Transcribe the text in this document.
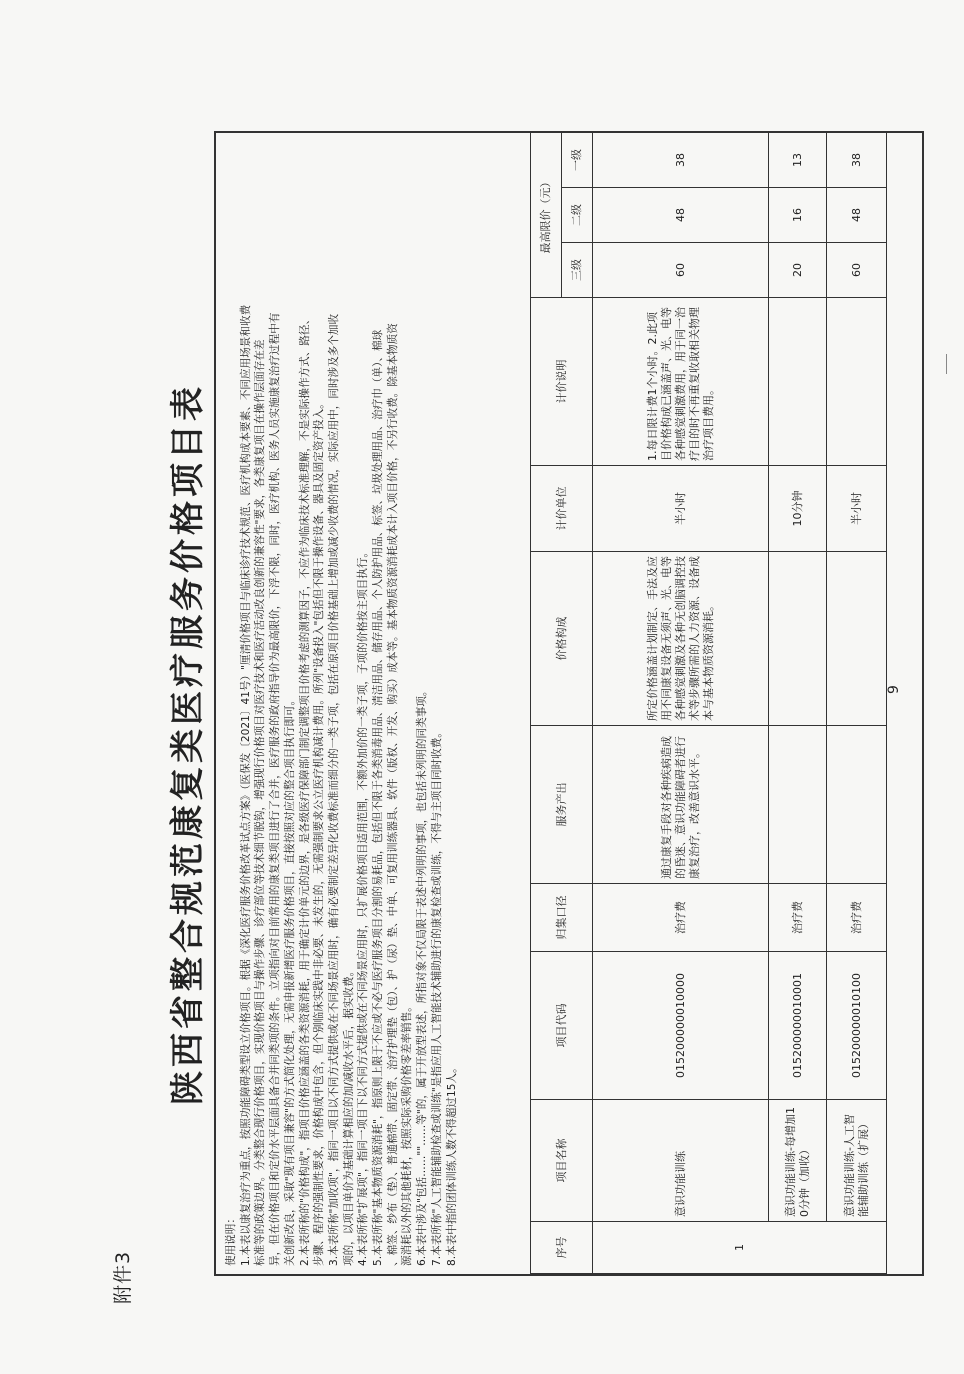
附件3
陕西省整合规范康复类医疗服务价格项目表
使用说明： 1.本表以康复治疗为重点，按照功能障碍类型设立价格项目。根据《深化医疗服务价格改革试点方案》（医保发〔2021〕41号）"厘清价格项目与临床诊疗技术规范、医疗机构成本要素、不同应用场景和收费 标准等的政策边界。分类整合现行价格项目，实现价格项目与操作步骤、诊疗部位等技术细节脱钩，增强现行价格项目对医疗技术和医疗活动改良创新的兼容性"要求，各类康复项目在操作层面存在差 异，但在价格项目和定价水平层面具备合并同类项的条件。立项指向对目前常用的康复类项目进行了合并，医疗服务的政府指导价为最高限价，下浮不限，同时，医疗机构、医务人员实施康复治疗过程中有 关创新改良，采取"现有项目兼容"的方式简化处理，无需申报新增医疗服务价格项目，直接按照对应的整合项目执行即可。 2.本表所称的"价格构成"，指项目价格应涵盖的各类资源消耗，用于确定计价单元的边界，是各级医疗保障部门制定调整项目价格考虑的测算因子，不应作为临床技术标准理解，不是实际操作方式、路径、 步骤、程序的强制性要求，价格构成中包含，但个别临床实践中非必要、未发生的，无需强制要求公立医疗机构减计费用。所列"设备投入"包括但不限于操作设备、器具及固定资产投入。 3.本表所称"加收项"，指同一项目以不同方式提供或在不同场景应用时，确有必要制定差异化收费标准而细分的一类子项，包括在原项目价格基础上增加或减少收费的情况，实际应用中，同时涉及多个加收 项的，以项目单价为基础计算相应的加/减收水平后，据实收费。 4.本表所称"扩展项"，指同一项目下以不同方式提供或在不同场景应用时，只扩展价格项目适用范围，不额外加价的一类子项，子项的价格按主项目执行。 5.本表所称"基本物质资源消耗"，指原则上限于不应或不必与医疗服务项目分割的易耗品，包括但不限于各类消毒用品、清洁用品、储存用品、个人防护用品、标签、垃圾处理用品、治疗巾（单）、棉球 、棉签、纱布（垫）、普通棉带、固定带、治疗护理垫（包）、护（尿）垫、中单、可复用训练器具、软件（版权、开发、购买）成本等。基本物质资源消耗成本计入项目价格，不另行收费。除基本物质资 源消耗以外的其他耗材，按照实际采购价格零差率销售。 6.本表中涉及"包括……""……等"的，属于开放型表述，所指对象不仅局限于表述中列明的事项，也包括未列明的同类事项。 7.本表所称"人工智能辅助检查或训练"是指应用人工智能技术辅助进行的康复检查或训练，不得与主项目同时收费。 8.本表中指的团体训练人数不得超过15人。	序号	项目名称	项目代码	归集口径	服务产出	价格构成	计价单位	计价说明	最高限价（元）		
								三级	二级	一级
1	意识功能训练	015200000010000	治疗费	通过康复手段对各种疾病造成的昏迷、意识功能障碍者进行康复治疗，改善意识水平。	所定价格涵盖计划制定、手法及应用不同康复设备无须声、光、电等各种感觉刺激及各种无创脑调控技术等步骤所需的人力资源、设备成本与基本物质资源消耗。	半小时	1.每日限计费1个小时。2.此项目价格构成已涵盖声、光、电等各种感觉刺激费用，用于同一治疗目的时不再重复收取相关物理治疗项目费用。	60	48	38
	意识功能训练-每增加10分钟（加收）	015200000010001	治疗费			10分钟		20	16	13
	意识功能训练-人工智能辅助训练（扩展）	015200000010100	治疗费			半小时		60	48	38
9
